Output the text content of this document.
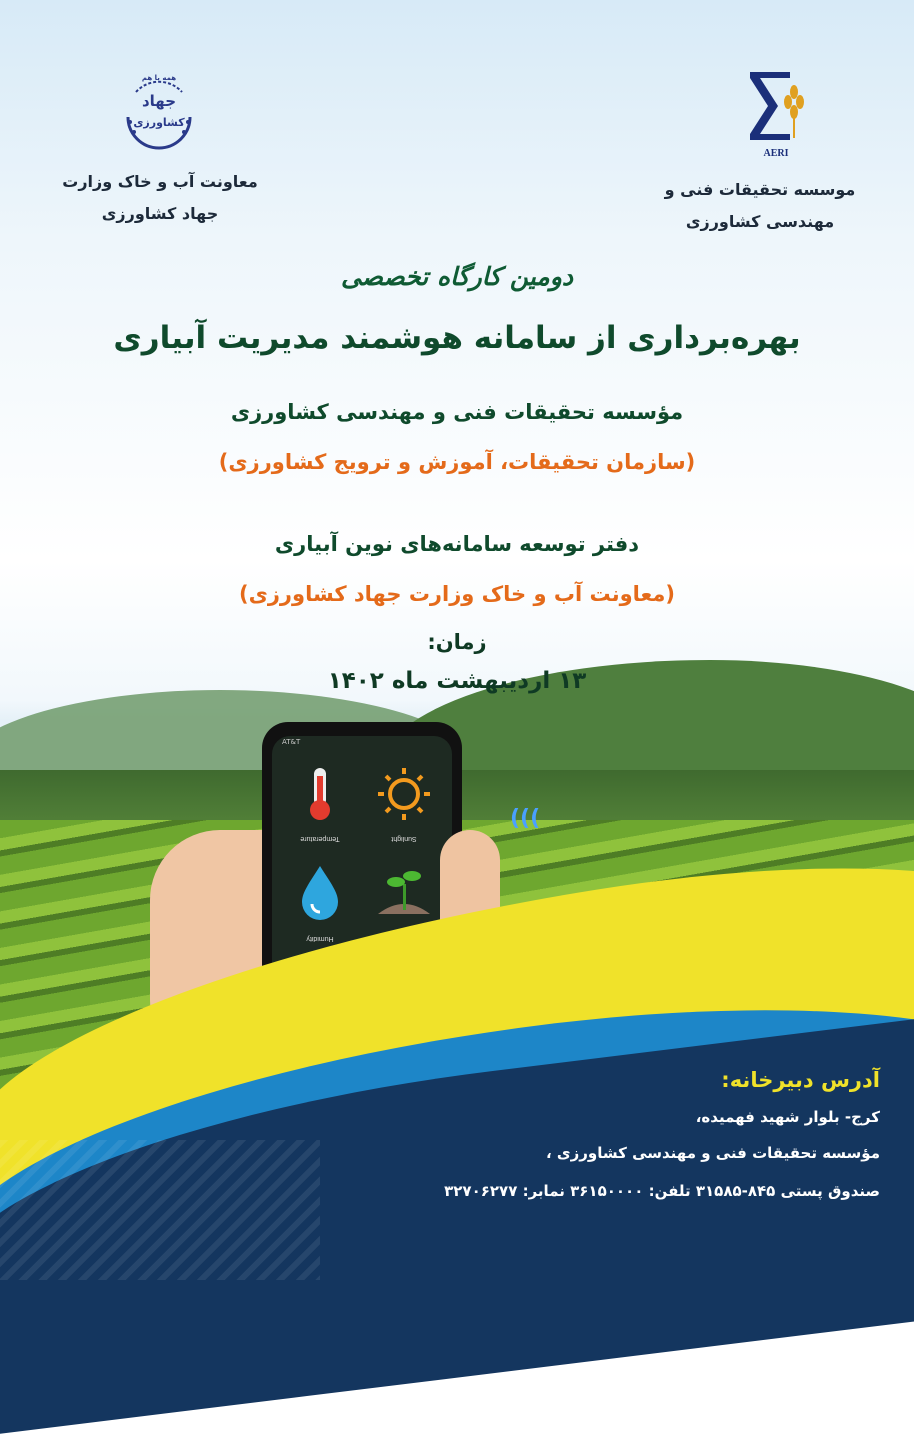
همه با هم
جهاد
کشاورزی
معاونت آب و خاک وزارت
جهاد کشاورزی
AERI
موسسه تحقیقات فنی و
مهندسی کشاورزی
دومین کارگاه تخصصی
بهره‌برداری از سامانه هوشمند مدیریت آبیاری
مؤسسه تحقیقات فنی و مهندسی کشاورزی
(سازمان تحقیقات، آموزش و ترویج کشاورزی)
دفتر توسعه سامانه‌های نوین آبیاری
(معاونت آب و خاک وزارت جهاد کشاورزی)
زمان:
۱۳ اردیبهشت ماه ۱۴۰۲
AT&T
Temperature	Sunlight
Humidity
)))
آدرس دبیرخانه:
کرج- بلوار شهید فهمیده،
مؤسسه تحقیقات فنی و مهندسی کشاورزی ،
صندوق پستی ۸۴۵-۳۱۵۸۵ تلفن: ۳۶۱۵۰۰۰۰ نمابر: ۳۲۷۰۶۲۷۷
